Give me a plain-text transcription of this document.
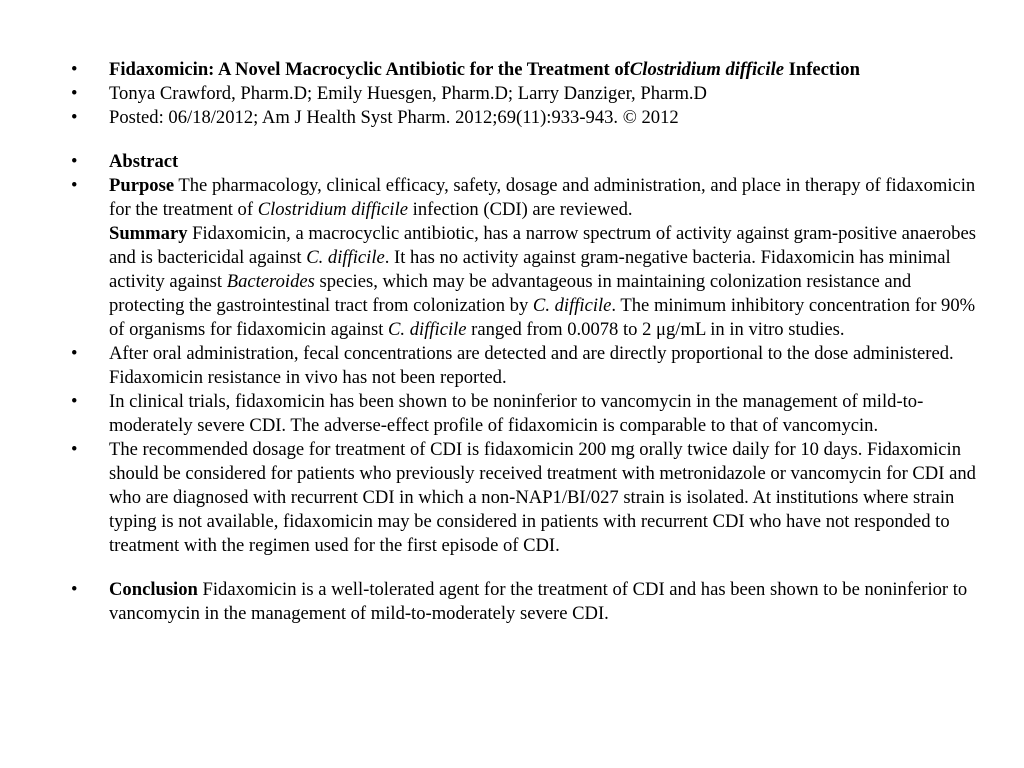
• Fidaxomicin: A Novel Macrocyclic Antibiotic for the Treatment ofClostridium difficile Infection
• Tonya Crawford, Pharm.D; Emily Huesgen, Pharm.D; Larry Danziger, Pharm.D
• Posted: 06/18/2012; Am J Health Syst Pharm. 2012;69(11):933-943. © 2012
• Abstract
• Purpose The pharmacology, clinical efficacy, safety, dosage and administration, and place in therapy of fidaxomicin for the treatment of Clostridium difficile infection (CDI) are reviewed.
Summary Fidaxomicin, a macrocyclic antibiotic, has a narrow spectrum of activity against gram-positive anaerobes and is bactericidal against C. difficile. It has no activity against gram-negative bacteria. Fidaxomicin has minimal activity against Bacteroides species, which may be advantageous in maintaining colonization resistance and protecting the gastrointestinal tract from colonization by C. difficile. The minimum inhibitory concentration for 90% of organisms for fidaxomicin against C. difficile ranged from 0.0078 to 2 μg/mL in in vitro studies.
• After oral administration, fecal concentrations are detected and are directly proportional to the dose administered. Fidaxomicin resistance in vivo has not been reported.
• In clinical trials, fidaxomicin has been shown to be noninferior to vancomycin in the management of mild-to-moderately severe CDI. The adverse-effect profile of fidaxomicin is comparable to that of vancomycin.
• The recommended dosage for treatment of CDI is fidaxomicin 200 mg orally twice daily for 10 days. Fidaxomicin should be considered for patients who previously received treatment with metronidazole or vancomycin for CDI and who are diagnosed with recurrent CDI in which a non-NAP1/BI/027 strain is isolated. At institutions where strain typing is not available, fidaxomicin may be considered in patients with recurrent CDI who have not responded to treatment with the regimen used for the first episode of CDI.
• Conclusion Fidaxomicin is a well-tolerated agent for the treatment of CDI and has been shown to be noninferior to vancomycin in the management of mild-to-moderately severe CDI.
